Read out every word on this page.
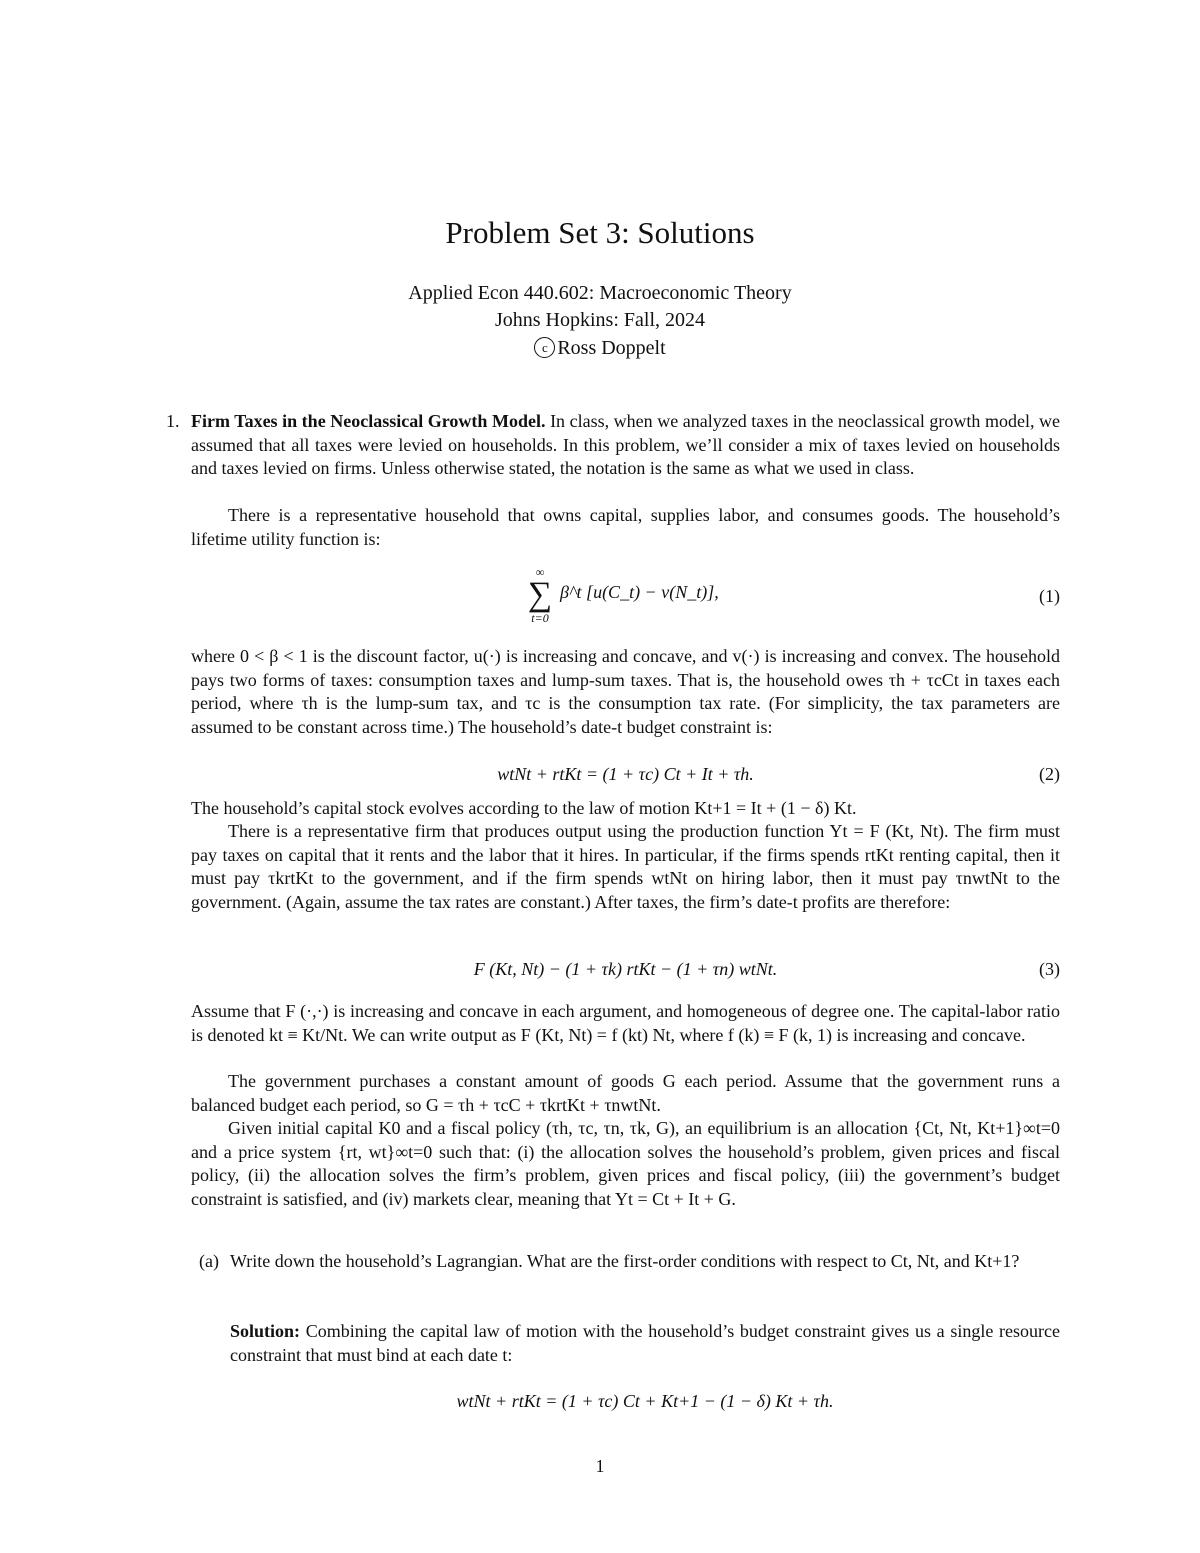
Problem Set 3: Solutions
Applied Econ 440.602: Macroeconomic Theory
Johns Hopkins: Fall, 2024
c Ross Doppelt
1. Firm Taxes in the Neoclassical Growth Model. In class, when we analyzed taxes in the neoclassical growth model, we assumed that all taxes were levied on households. In this problem, we’ll consider a mix of taxes levied on households and taxes levied on firms. Unless otherwise stated, the notation is the same as what we used in class.

There is a representative household that owns capital, supplies labor, and consumes goods. The household’s lifetime utility function is:

∞
∑
t=0
β^t [u(C_t) − v(N_t)],	(1)

where 0 < β < 1 is the discount factor, u(·) is increasing and concave, and v(·) is increasing and convex. The household pays two forms of taxes: consumption taxes and lump-sum taxes. That is, the household owes τh + τcCt in taxes each period, where τh is the lump-sum tax, and τc is the consumption tax rate. (For simplicity, the tax parameters are assumed to be constant across time.) The household’s date-t budget constraint is:

wtNt + rtKt = (1 + τc) Ct + It + τh.	(2)

The household’s capital stock evolves according to the law of motion Kt+1 = It + (1 − δ) Kt.

There is a representative firm that produces output using the production function Yt = F (Kt, Nt). The firm must pay taxes on capital that it rents and the labor that it hires. In particular, if the firms spends rtKt renting capital, then it must pay τkrtKt to the government, and if the firm spends wtNt on hiring labor, then it must pay τnwtNt to the government. (Again, assume the tax rates are constant.) After taxes, the firm’s date-t profits are therefore:

F (Kt, Nt) − (1 + τk) rtKt − (1 + τn) wtNt.	(3)

Assume that F (·,·) is increasing and concave in each argument, and homogeneous of degree one. The capital-labor ratio is denoted kt ≡ Kt/Nt. We can write output as F (Kt, Nt) = f (kt) Nt, where f (k) ≡ F (k, 1) is increasing and concave.

The government purchases a constant amount of goods G each period. Assume that the government runs a balanced budget each period, so G = τh + τcC + τkrtKt + τnwtNt.

Given initial capital K0 and a fiscal policy (τh, τc, τn, τk, G), an equilibrium is an allocation {Ct, Nt, Kt+1}∞t=0 and a price system {rt, wt}∞t=0 such that: (i) the allocation solves the household’s problem, given prices and fiscal policy, (ii) the allocation solves the firm’s problem, given prices and fiscal policy, (iii) the government’s budget constraint is satisfied, and (iv) markets clear, meaning that Yt = Ct + It + G.

(a) Write down the household’s Lagrangian. What are the first-order conditions with respect to Ct, Nt, and Kt+1?

Solution: Combining the capital law of motion with the household’s budget constraint gives us a single resource constraint that must bind at each date t:

wtNt + rtKt = (1 + τc) Ct + Kt+1 − (1 − δ) Kt + τh.
1
